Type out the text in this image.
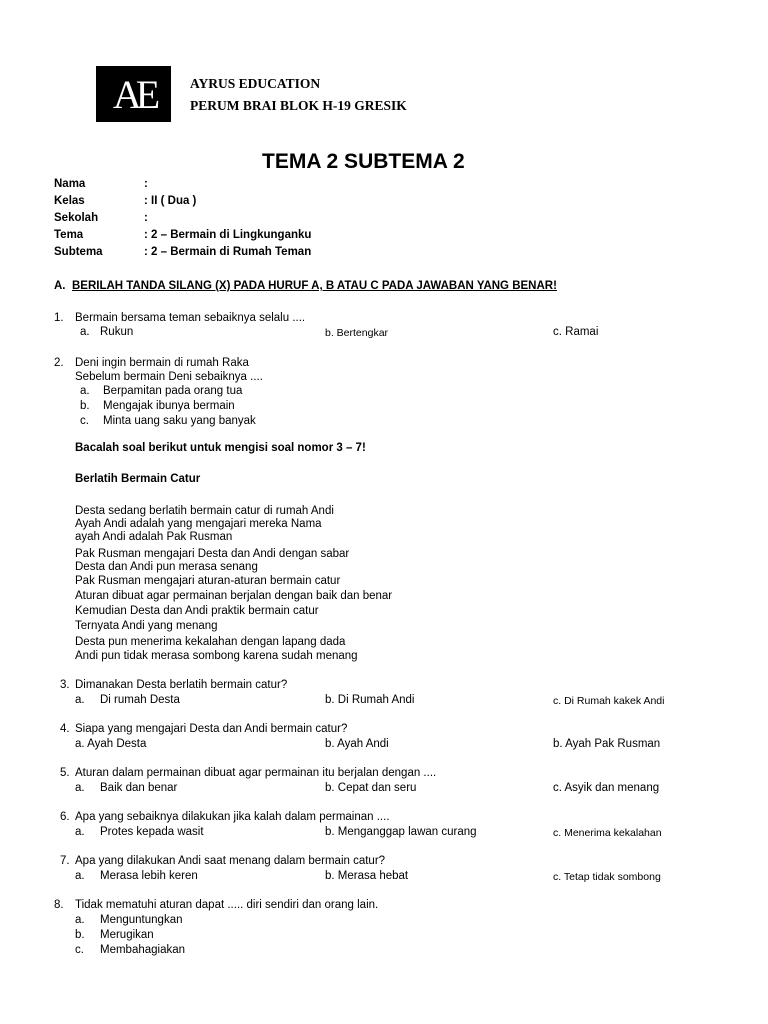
AE	AYRUS EDUCATION
PERUM BRAI BLOK H-19 GRESIK
TEMA 2 SUBTEMA 2
Nama	:
Kelas	: II ( Dua )
Sekolah	:
Tema	: 2 – Bermain di Lingkunganku
Subtema	: 2 – Bermain di Rumah Teman
A. BERILAH TANDA SILANG (X) PADA HURUF A, B ATAU C PADA JAWABAN YANG BENAR!
1. Bermain bersama teman sebaiknya selalu ....
a. Rukun	b. Bertengkar	c. Ramai
2. Deni ingin bermain di rumah Raka
Sebelum bermain Deni sebaiknya ....
a. Berpamitan pada orang tua
b. Mengajak ibunya bermain
c. Minta uang saku yang banyak
Bacalah soal berikut untuk mengisi soal nomor 3 – 7!
Berlatih Bermain Catur
Desta sedang berlatih bermain catur di rumah Andi
Ayah Andi adalah yang mengajari mereka Nama
ayah Andi adalah Pak Rusman
Pak Rusman mengajari Desta dan Andi dengan sabar
Desta dan Andi pun merasa senang
Pak Rusman mengajari aturan-aturan bermain catur
Aturan dibuat agar permainan berjalan dengan baik dan benar
Kemudian Desta dan Andi praktik bermain catur
Ternyata Andi yang menang
Desta pun menerima kekalahan dengan lapang dada
Andi pun tidak merasa sombong karena sudah menang
3. Dimanakan Desta berlatih bermain catur?
a. Di rumah Desta	b. Di Rumah Andi	c. Di Rumah kakek Andi
4. Siapa yang mengajari Desta dan Andi bermain catur?
a. Ayah Desta	b. Ayah Andi	b. Ayah Pak Rusman
5. Aturan dalam permainan dibuat agar permainan itu berjalan dengan ....
a. Baik dan benar	b. Cepat dan seru	c. Asyik dan menang
6. Apa yang sebaiknya dilakukan jika kalah dalam permainan ....
a. Protes kepada wasit	b. Menganggap lawan curang	c. Menerima kekalahan
7. Apa yang dilakukan Andi saat menang dalam bermain catur?
a. Merasa lebih keren	b. Merasa hebat	c. Tetap tidak sombong
8. Tidak mematuhi aturan dapat ..... diri sendiri dan orang lain.
a. Menguntungkan
b. Merugikan
c. Membahagiakan
